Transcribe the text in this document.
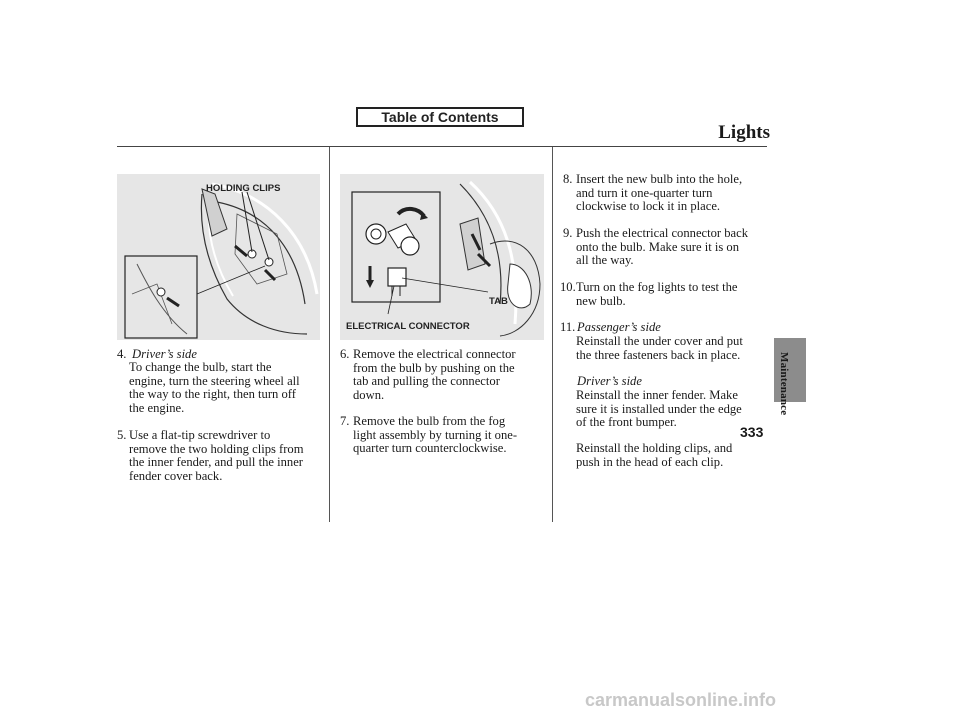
Table of Contents
Lights
HOLDING CLIPS
TAB
ELECTRICAL CONNECTOR
4. Driver’s side
To change the bulb, start the
engine, turn the steering wheel all
the way to the right, then turn off
the engine.
5. Use a flat-tip screwdriver to
remove the two holding clips from
the inner fender, and pull the inner
fender cover back.
6. Remove the electrical connector
from the bulb by pushing on the
tab and pulling the connector
down.
7. Remove the bulb from the fog
light assembly by turning it one-
quarter turn counterclockwise.
8. Insert the new bulb into the hole,
and turn it one-quarter turn
clockwise to lock it in place.
9. Push the electrical connector back
onto the bulb. Make sure it is on
all the way.
10. Turn on the fog lights to test the
new bulb.
11. Passenger’s side
Reinstall the under cover and put
the three fasteners back in place.
Driver’s side
Reinstall the inner fender. Make
sure it is installed under the edge
of the front bumper.
Reinstall the holding clips, and
push in the head of each clip.
Maintenance
333
carmanualsonline.info
